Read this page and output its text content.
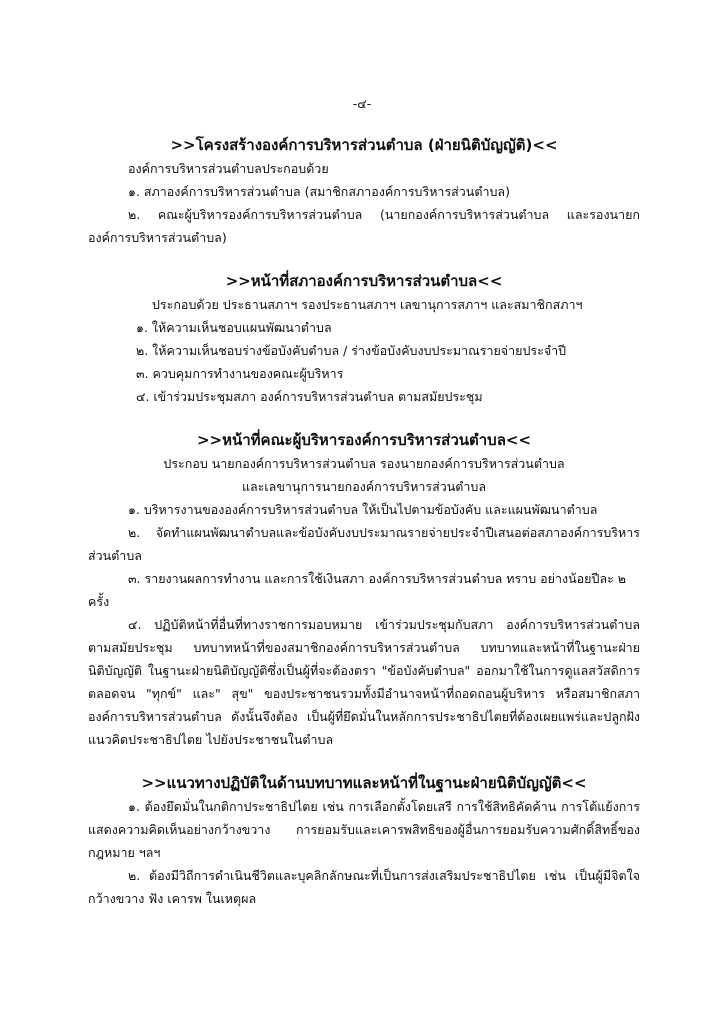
-๔-
>>โครงสร้างองค์การบริหารส่วนตำบล (ฝ่ายนิติบัญญัติ)<<

องค์การบริหารส่วนตำบลประกอบด้วย

๑. สภาองค์การบริหารส่วนตำบล (สมาชิกสภาองค์การบริหารส่วนตำบล)

๒. คณะผู้บริหารองค์การบริหารส่วนตำบล (นายกองค์การบริหารส่วนตำบล และรองนายกองค์การบริหารส่วนตำบล)

>>หน้าที่สภาองค์การบริหารส่วนตำบล<<

ประกอบด้วย ประธานสภาฯ รองประธานสภาฯ เลขานุการสภาฯ และสมาชิกสภาฯ

๑. ให้ความเห็นชอบแผนพัฒนาตำบล

๒. ให้ความเห็นชอบร่างข้อบังคับตำบล / ร่างข้อบังคับงบประมาณรายจ่ายประจำปี

๓. ควบคุมการทำงานของคณะผู้บริหาร

๔. เข้าร่วมประชุมสภา องค์การบริหารส่วนตำบล ตามสมัยประชุม

>>หน้าที่คณะผู้บริหารองค์การบริหารส่วนตำบล<<

ประกอบ นายกองค์การบริหารส่วนตำบล รองนายกองค์การบริหารส่วนตำบล

และเลขานุการนายกองค์การบริหารส่วนตำบล

๑. บริหารงานขององค์การบริหารส่วนตำบล ให้เป็นไปตามข้อบังคับ และแผนพัฒนาตำบล

๒. จัดทำแผนพัฒนาตำบลและข้อบังคับงบประมาณรายจ่ายประจำปีเสนอต่อสภาองค์การบริหารส่วนตำบล

๓. รายงานผลการทำงาน และการใช้เงินสภา องค์การบริหารส่วนตำบล ทราบ อย่างน้อยปีละ ๒ ครั้ง

๔. ปฏิบัติหน้าที่อื่นที่ทางราชการมอบหมาย เข้าร่วมประชุมกับสภา องค์การบริหารส่วนตำบล ตามสมัยประชุม บทบาทหน้าที่ของสมาชิกองค์การบริหารส่วนตำบล บทบาทและหน้าที่ในฐานะฝ่ายนิติบัญญัติ ในฐานะฝ่ายนิติบัญญัติซึ่งเป็นผู้ที่จะต้องตรา "ข้อบังคับตำบล" ออกมาใช้ในการดูแลสวัสดิการตลอดจน "ทุกข์" และ" สุข" ของประชาชนรวมทั้งมีอำนาจหน้าที่ถอดถอนผู้บริหาร หรือสมาชิกสภาองค์การบริหารส่วนตำบล ดังนั้นจึงต้อง เป็นผู้ที่ยึดมั่นในหลักการประชาธิปไตยที่ต้องเผยแพร่และปลูกฝังแนวคิดประชาธิปไตย ไปยังประชาชนในตำบล

>>แนวทางปฏิบัติในด้านบทบาทและหน้าที่ในฐานะฝ่ายนิติบัญญัติ<<

๑. ต้องยึดมั่นในกติกาประชาธิปไตย เช่น การเลือกตั้งโดยเสรี การใช้สิทธิคัดค้าน การโต้แย้งการแสดงความคิดเห็นอย่างกว้างขวาง การยอมรับและเคารพสิทธิของผู้อื่นการยอมรับความศักดิ์สิทธิ์ของกฎหมาย ฯลฯ

๒. ต้องมีวิถีการดำเนินชีวิตและบุคลิกลักษณะที่เป็นการส่งเสริมประชาธิปไตย เช่น เป็นผู้มีจิตใจกว้างขวาง ฟัง เคารพ ในเหตุผล
